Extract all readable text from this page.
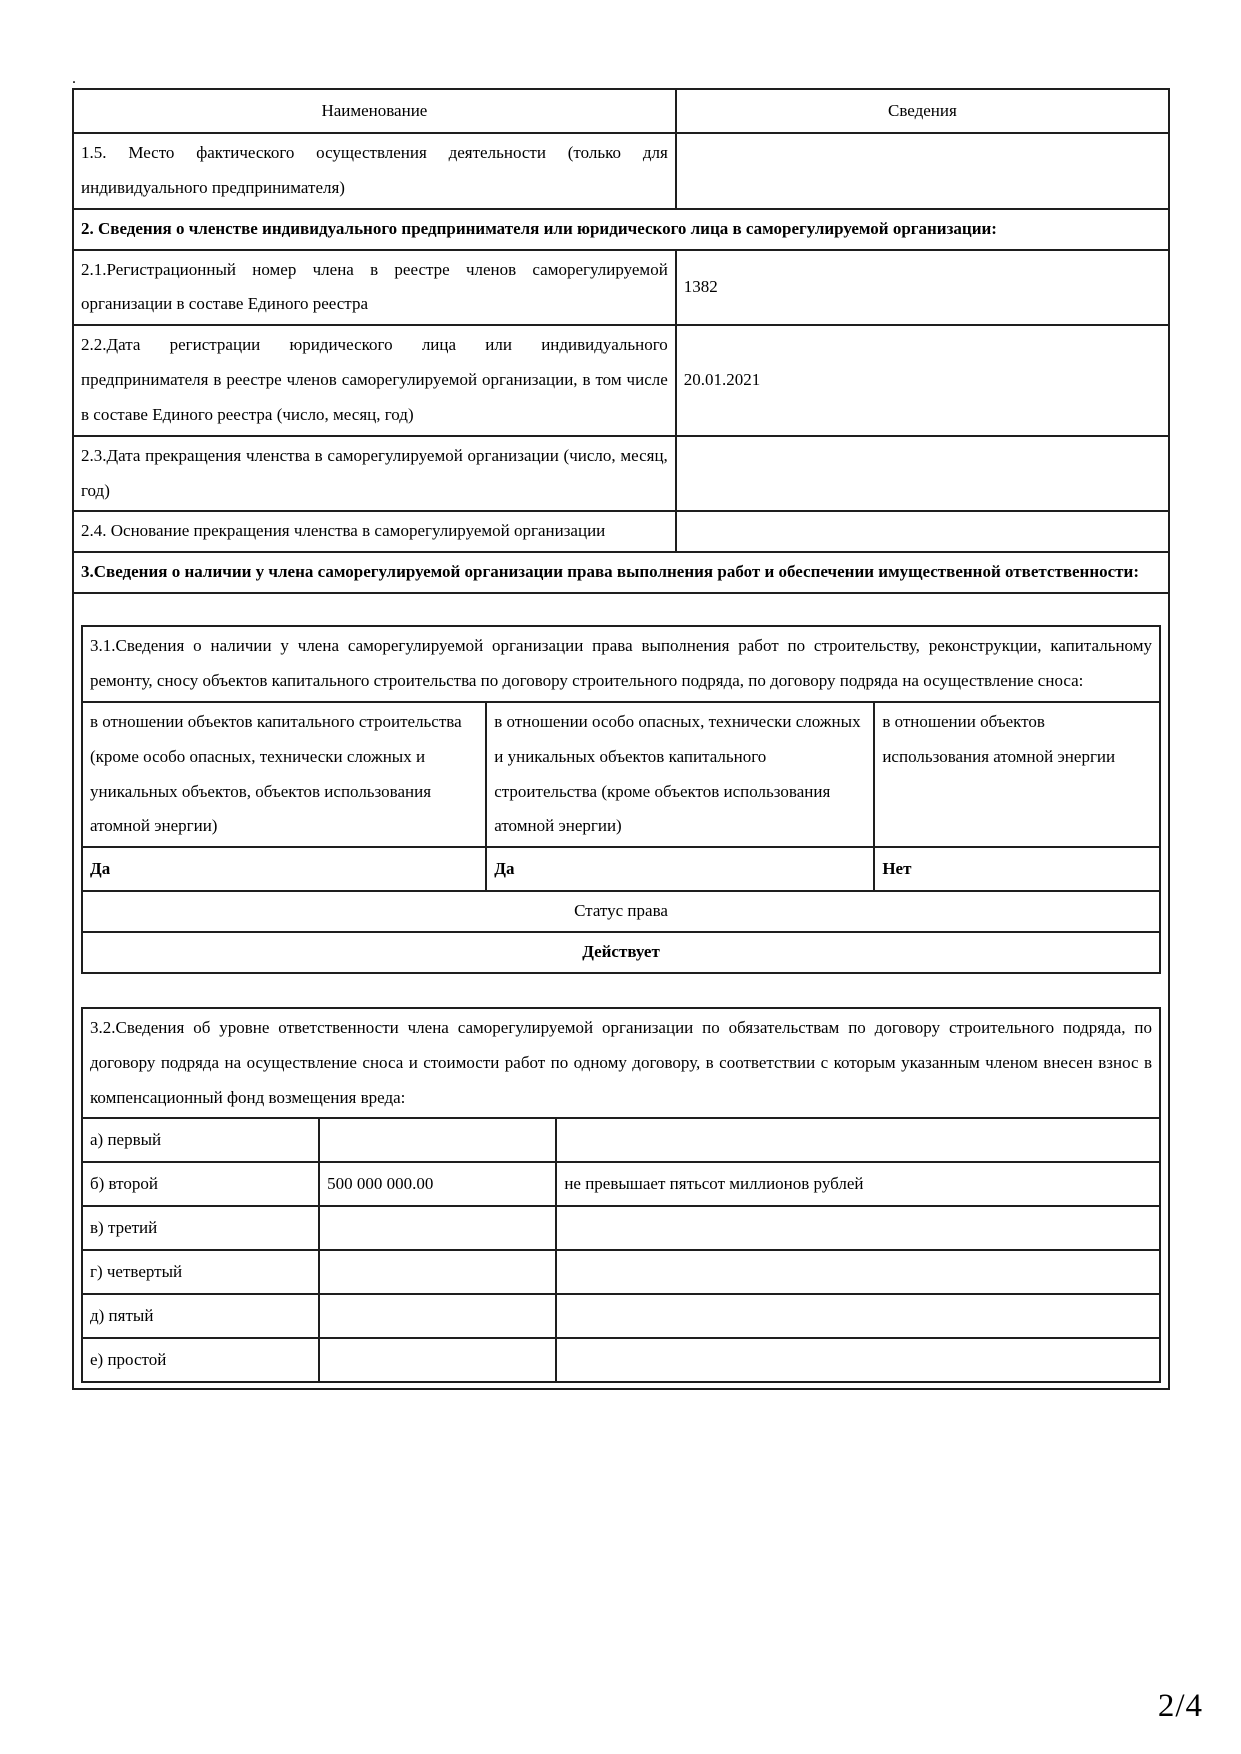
.
Наименование	Сведения
1.5. Место фактического осуществления деятельности (только для индивидуального предпринимателя)	
2. Сведения о членстве индивидуального предпринимателя или юридического лица в саморегулируемой организации:
2.1.Регистрационный номер члена в реестре членов саморегулируемой организации в составе Единого реестра	1382
2.2.Дата регистрации юридического лица или индивидуального предпринимателя в реестре членов саморегулируемой организации, в том числе в составе Единого реестра (число, месяц, год)	20.01.2021
2.3.Дата прекращения членства в саморегулируемой организации (число, месяц, год)	
2.4. Основание прекращения членства в саморегулируемой организации	
3.Сведения о наличии у члена саморегулируемой организации права выполнения работ и обеспечении имущественной ответственности:

3.1.Сведения о наличии у члена саморегулируемой организации права выполнения работ по строительству, реконструкции, капитальному ремонту, сносу объектов капитального строительства по договору строительного подряда, по договору подряда на осуществление сноса:
в отношении объектов капитального строительства (кроме особо опасных, технически сложных и уникальных объектов, объектов использования атомной энергии)	в отношении особо опасных, технически сложных и уникальных объектов капитального строительства (кроме объектов использования атомной энергии)	в отношении объектов использования атомной энергии
Да	Да	Нет
Статус права
Действует
3.2.Сведения об уровне ответственности члена саморегулируемой организации по обязательствам по договору строительного подряда, по договору подряда на осуществление сноса и стоимости работ по одному договору, в соответствии с которым указанным членом внесен взнос в компенсационный фонд возмещения вреда:
а) первый		
б) второй	500 000 000.00	не превышает пятьсот миллионов рублей
в) третий		
г) четвертый		
д) пятый		
е) простой		
2/4
